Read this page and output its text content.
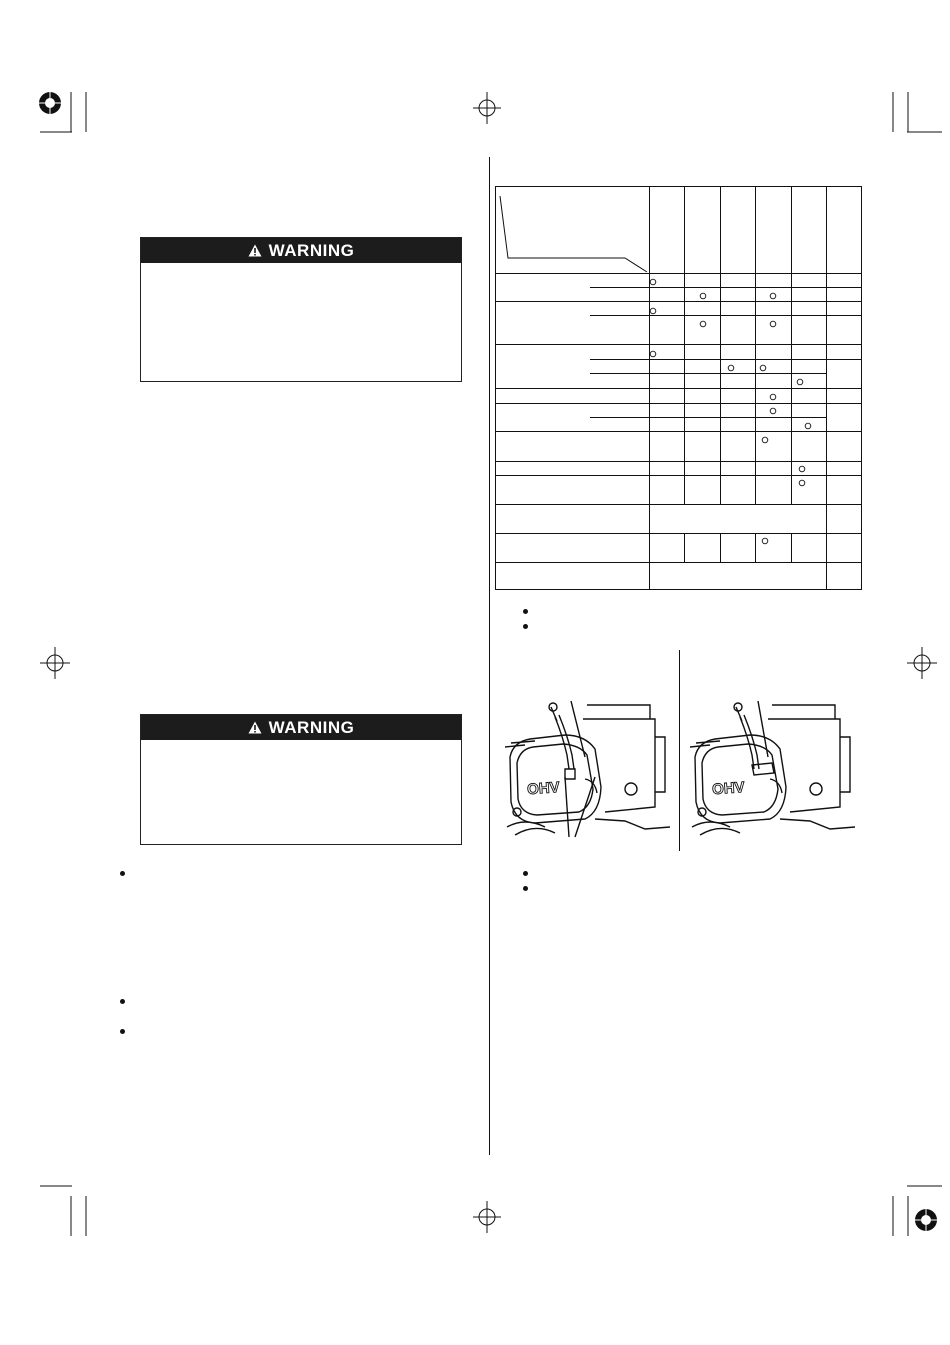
WARNING
WARNING
OHV	OHV
